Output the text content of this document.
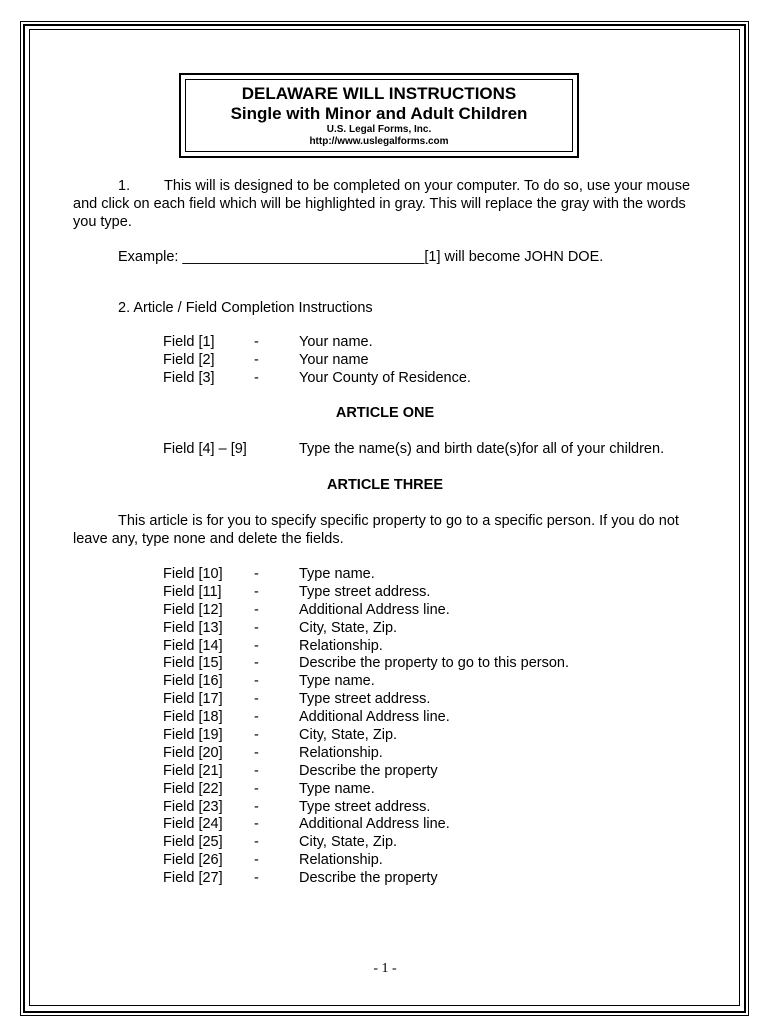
DELAWARE WILL INSTRUCTIONS
Single with Minor and Adult Children
U.S. Legal Forms, Inc.
http://www.uslegalforms.com
1. This will is designed to be completed on your computer. To do so, use your mouse and click on each field which will be highlighted in gray. This will replace the gray with the words you type.
Example: ______________________________[1] will become JOHN DOE.
2. Article / Field Completion Instructions
Field [1]	-	Your name.
Field [2]	-	Your name
Field [3]	-	Your County of Residence.
ARTICLE ONE
Field [4] – [9]	Type the name(s) and birth date(s)for all of your children.
ARTICLE THREE
This article is for you to specify specific property to go to a specific person. If you do not leave any, type none and delete the fields.
Field [10] -	Type name.
Field [11] -	Type street address.
Field [12] -	Additional Address line.
Field [13] -	City, State, Zip.
Field [14] -	Relationship.
Field [15] -	Describe the property to go to this person.
Field [16] -	Type name.
Field [17] -	Type street address.
Field [18] -	Additional Address line.
Field [19] -	City, State, Zip.
Field [20] -	Relationship.
Field [21] -	Describe the property
Field [22] -	Type name.
Field [23] -	Type street address.
Field [24] -	Additional Address line.
Field [25] -	City, State, Zip.
Field [26] -	Relationship.
Field [27] -	Describe the property
- 1 -
